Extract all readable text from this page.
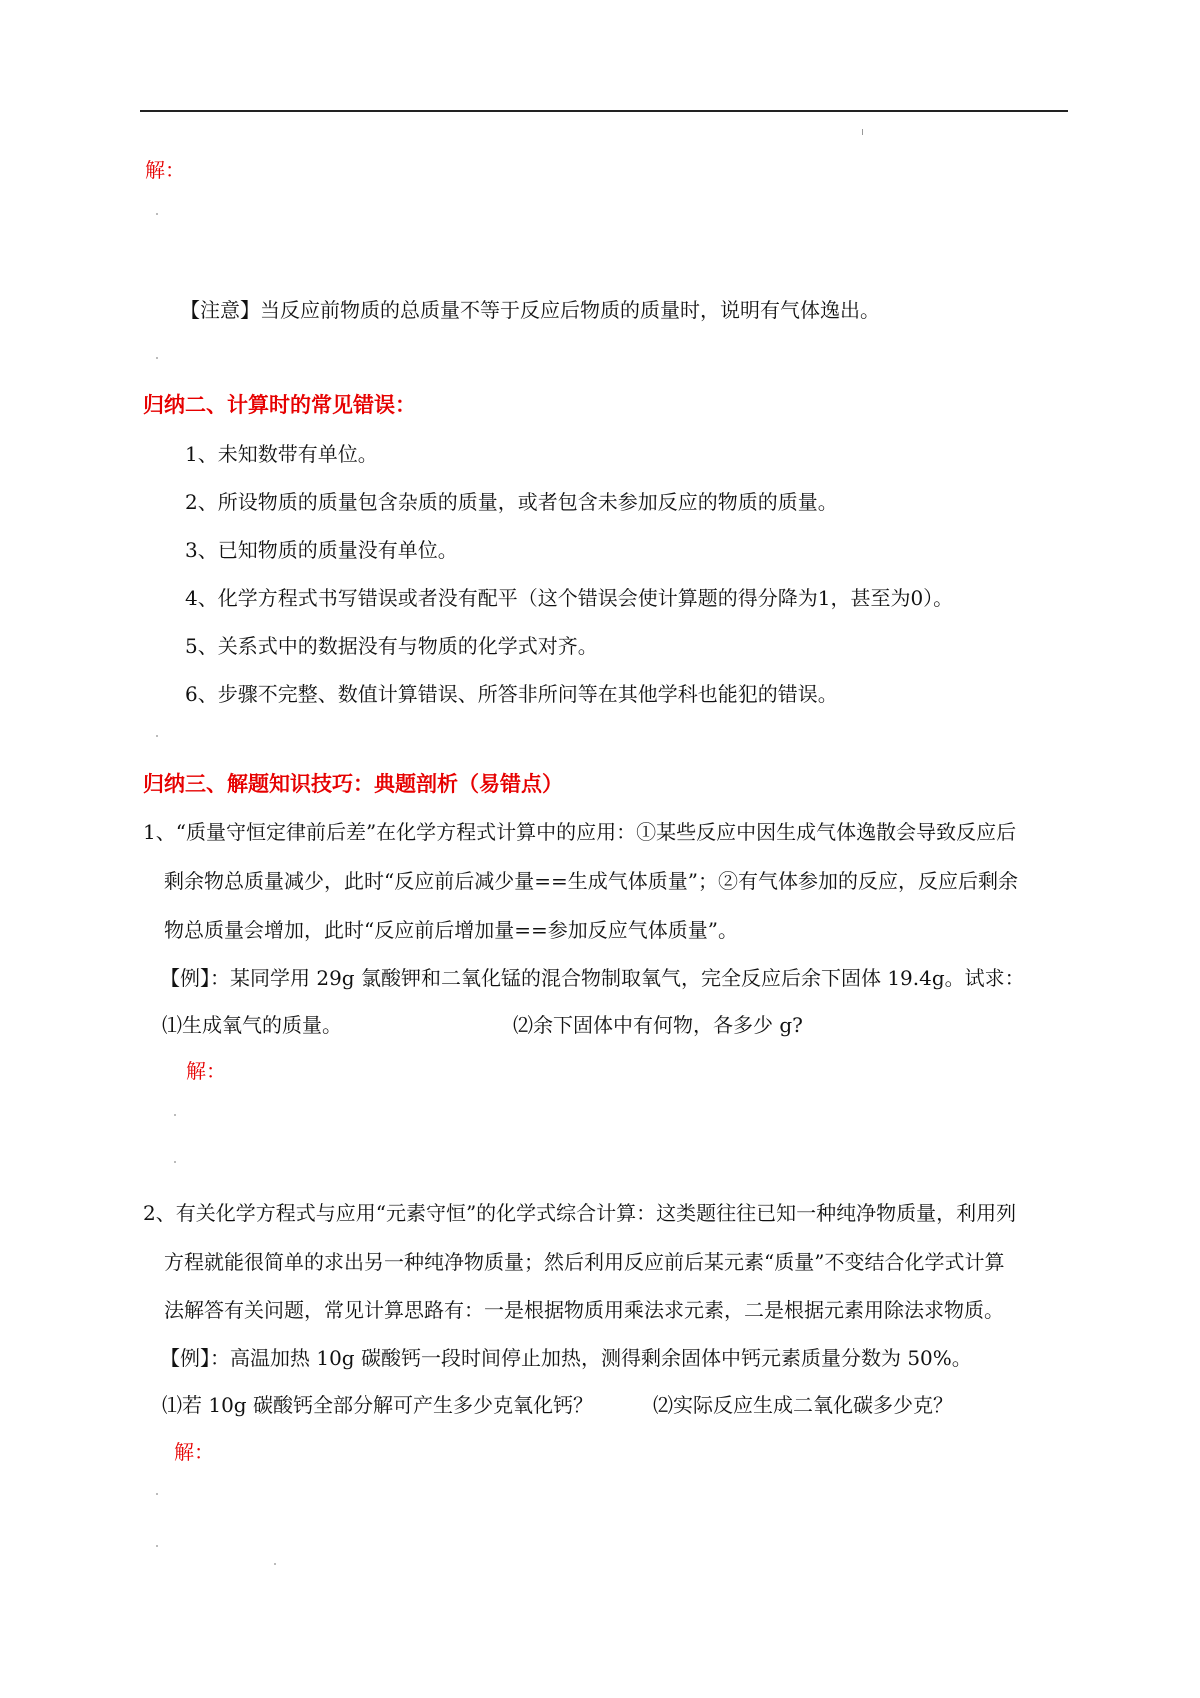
解：
【注意】当反应前物质的总质量不等于反应后物质的质量时，说明有气体逸出。
归纳二、计算时的常见错误：
1、未知数带有单位。
2、所设物质的质量包含杂质的质量，或者包含未参加反应的物质的质量。
3、已知物质的质量没有单位。
4、化学方程式书写错误或者没有配平（这个错误会使计算题的得分降为1，甚至为0）。
5、关系式中的数据没有与物质的化学式对齐。
6、步骤不完整、数值计算错误、所答非所问等在其他学科也能犯的错误。
归纳三、解题知识技巧：典题剖析（易错点）
1、“质量守恒定律前后差”在化学方程式计算中的应用：①某些反应中因生成气体逸散会导致反应后
剩余物总质量减少，此时“反应前后减少量==生成气体质量”；②有气体参加的反应，反应后剩余
物总质量会增加，此时“反应前后增加量==参加反应气体质量”。
【例】：某同学用 29g 氯酸钾和二氧化锰的混合物制取氧气，完全反应后余下固体 19.4g。试求：
⑴生成氧气的质量。	⑵余下固体中有何物，各多少 g?
解：
2、有关化学方程式与应用“元素守恒”的化学式综合计算：这类题往往已知一种纯净物质量，利用列
方程就能很简单的求出另一种纯净物质量；然后利用反应前后某元素“质量”不变结合化学式计算
法解答有关问题，常见计算思路有：一是根据物质用乘法求元素，二是根据元素用除法求物质。
【例】：高温加热 10g 碳酸钙一段时间停止加热，测得剩余固体中钙元素质量分数为 50%。
⑴若 10g 碳酸钙全部分解可产生多少克氧化钙？	⑵实际反应生成二氧化碳多少克？
解：
